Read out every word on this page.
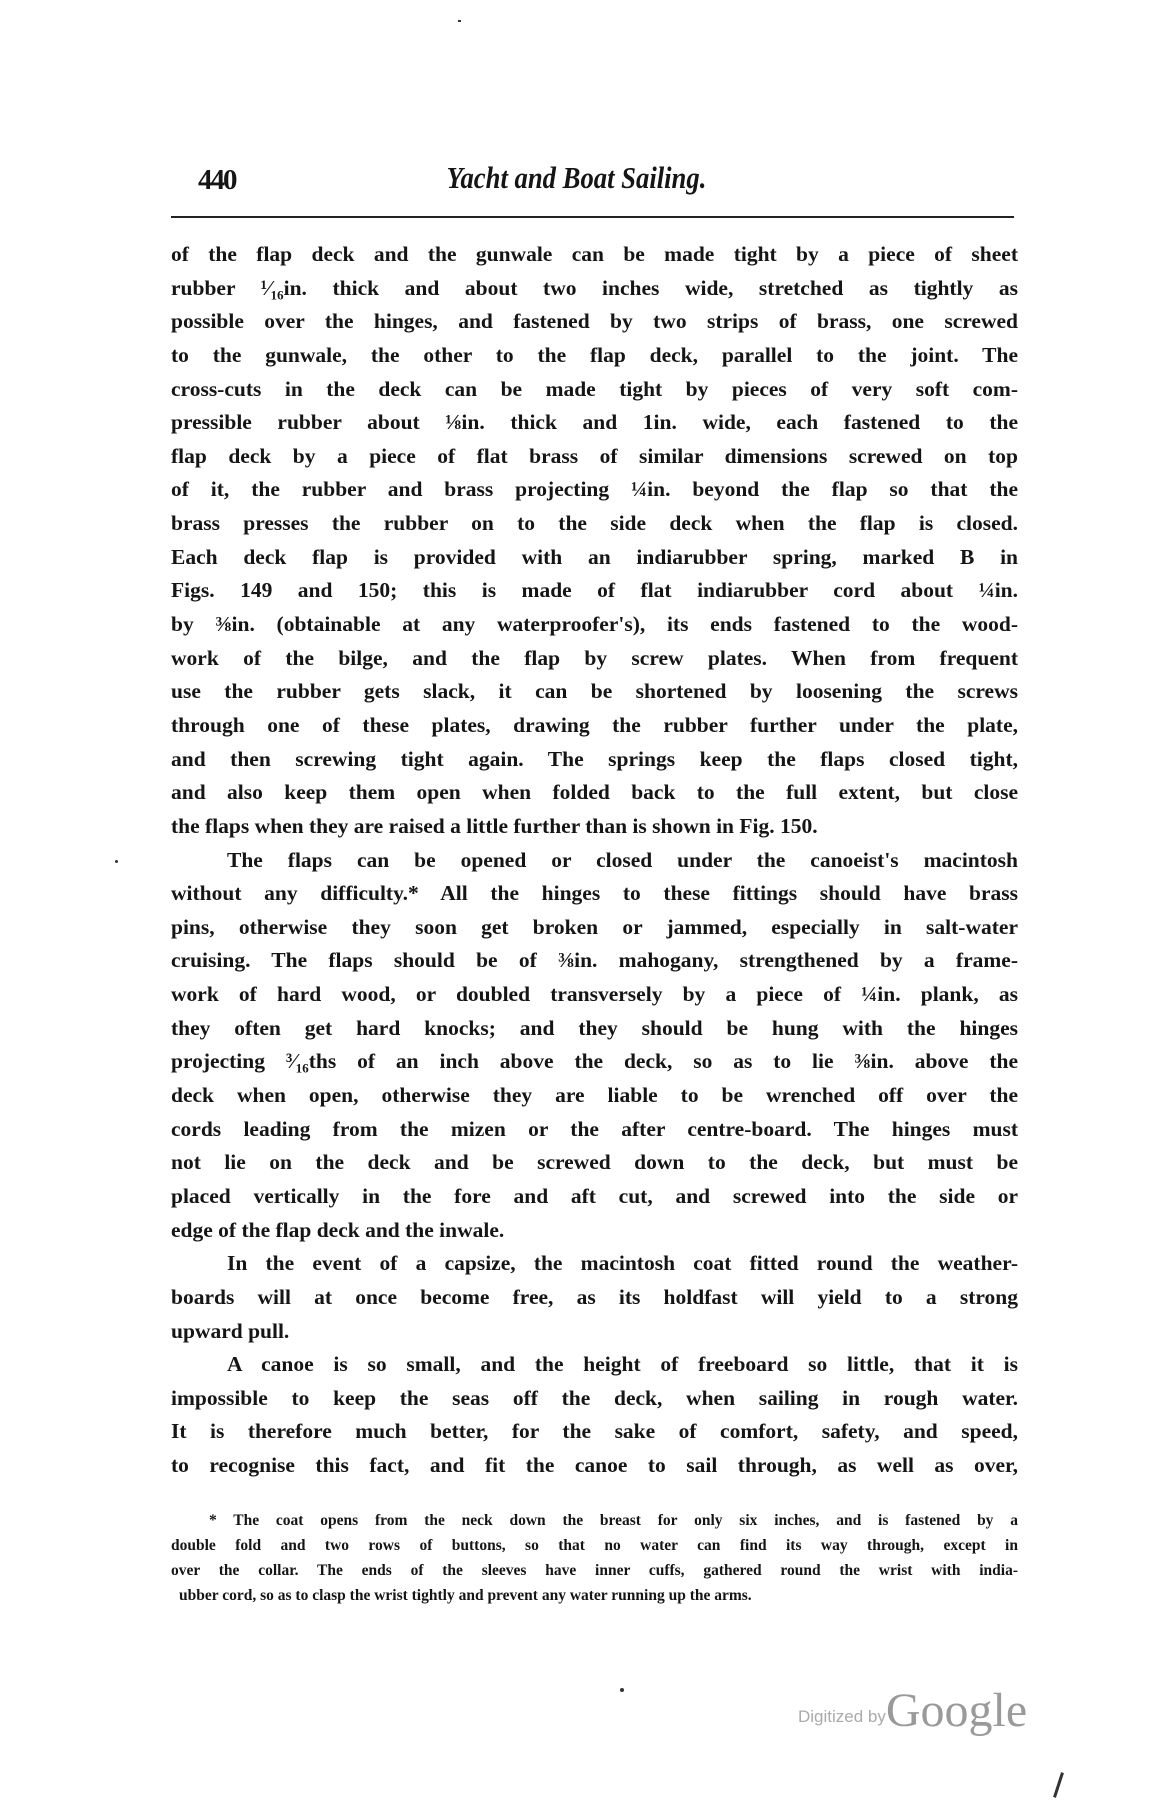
440	Yacht and Boat Sailing.
of the flap deck and the gunwale can be made tight by a piece of sheet
rubber ¹⁄₁₆in. thick and about two inches wide, stretched as tightly as
possible over the hinges, and fastened by two strips of brass, one screwed
to the gunwale, the other to the flap deck, parallel to the joint. The
cross-cuts in the deck can be made tight by pieces of very soft com-
pressible rubber about ⅛in. thick and 1in. wide, each fastened to the
flap deck by a piece of flat brass of similar dimensions screwed on top
of it, the rubber and brass projecting ¼in. beyond the flap so that the
brass presses the rubber on to the side deck when the flap is closed.
Each deck flap is provided with an indiarubber spring, marked B in
Figs. 149 and 150; this is made of flat indiarubber cord about ¼in.
by ⅜in. (obtainable at any waterproofer's), its ends fastened to the wood-
work of the bilge, and the flap by screw plates. When from frequent
use the rubber gets slack, it can be shortened by loosening the screws
through one of these plates, drawing the rubber further under the plate,
and then screwing tight again. The springs keep the flaps closed tight,
and also keep them open when folded back to the full extent, but close
the flaps when they are raised a little further than is shown in Fig. 150.
The flaps can be opened or closed under the canoeist's macintosh
without any difficulty.* All the hinges to these fittings should have brass
pins, otherwise they soon get broken or jammed, especially in salt-water
cruising. The flaps should be of ⅜in. mahogany, strengthened by a frame-
work of hard wood, or doubled transversely by a piece of ¼in. plank, as
they often get hard knocks; and they should be hung with the hinges
projecting ³⁄₁₆ths of an inch above the deck, so as to lie ⅜in. above the
deck when open, otherwise they are liable to be wrenched off over the
cords leading from the mizen or the after centre-board. The hinges must
not lie on the deck and be screwed down to the deck, but must be
placed vertically in the fore and aft cut, and screwed into the side or
edge of the flap deck and the inwale.
In the event of a capsize, the macintosh coat fitted round the weather-
boards will at once become free, as its holdfast will yield to a strong
upward pull.
A canoe is so small, and the height of freeboard so little, that it is
impossible to keep the seas off the deck, when sailing in rough water.
It is therefore much better, for the sake of comfort, safety, and speed,
to recognise this fact, and fit the canoe to sail through, as well as over,
* The coat opens from the neck down the breast for only six inches, and is fastened by a
double fold and two rows of buttons, so that no water can find its way through, except in
over the collar. The ends of the sleeves have inner cuffs, gathered round the wrist with india-
ubber cord, so as to clasp the wrist tightly and prevent any water running up the arms.
Digitized byGoogle
